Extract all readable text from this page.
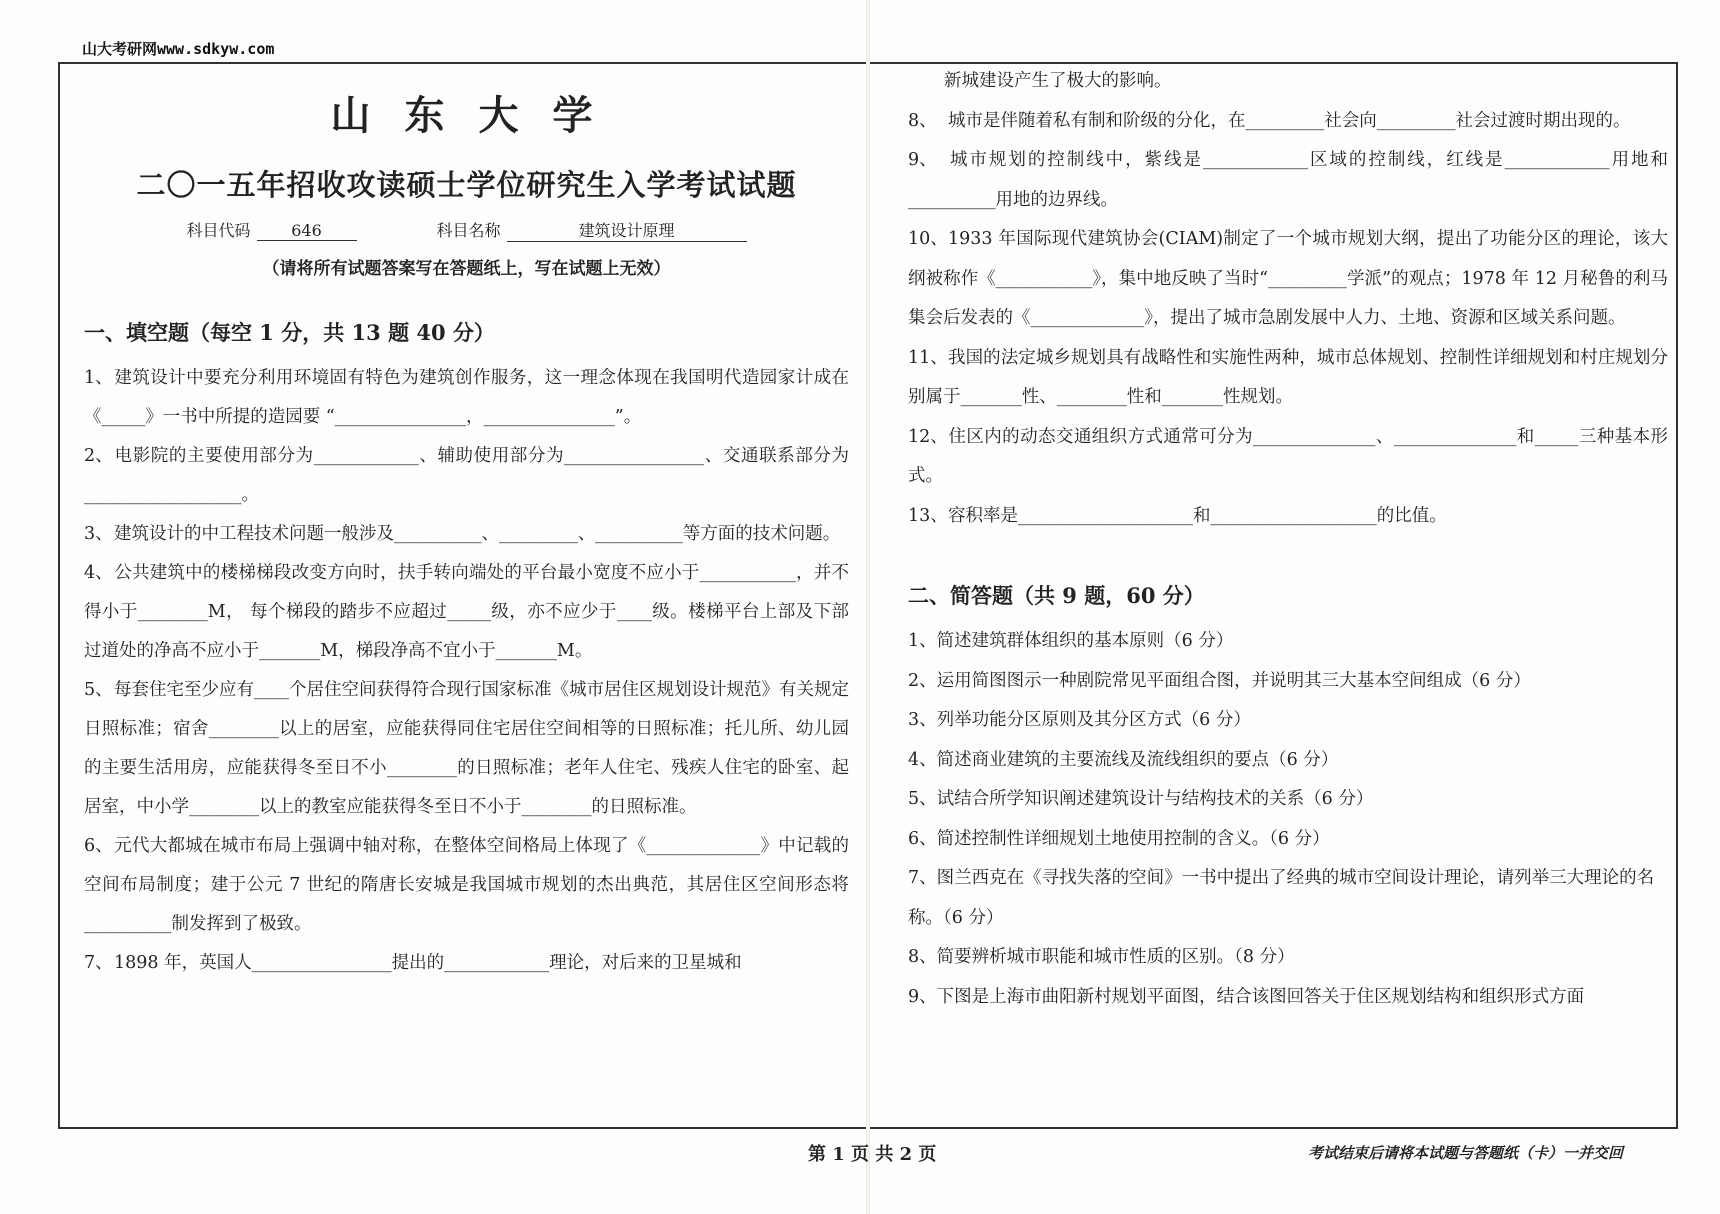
山大考研网www.sdkyw.com
山东大学
二〇一五年招收攻读硕士学位研究生入学考试试题
科目代码	646	科目名称	建筑设计原理
（请将所有试题答案写在答题纸上，写在试题上无效）
一、填空题（每空 1 分，共 13 题 40 分）
1、建筑设计中要充分利用环境固有特色为建筑创作服务，这一理念体现在我国明代造园家计成在《_____》一书中所提的造园要 “_______________，_______________”。
2、电影院的主要使用部分为____________、辅助使用部分为________________、交通联系部分为__________________。
3、建筑设计的中工程技术问题一般涉及__________、_________、__________等方面的技术问题。
4、公共建筑中的楼梯梯段改变方向时，扶手转向端处的平台最小宽度不应小于___________，并不得小于________M， 每个梯段的踏步不应超过_____级，亦不应少于____级。楼梯平台上部及下部过道处的净高不应小于_______M，梯段净高不宜小于_______M。
5、每套住宅至少应有____个居住空间获得符合现行国家标准《城市居住区规划设计规范》有关规定日照标准；宿舍________以上的居室，应能获得同住宅居住空间相等的日照标准；托儿所、幼儿园的主要生活用房，应能获得冬至日不小________的日照标准；老年人住宅、残疾人住宅的卧室、起居室，中小学________以上的教室应能获得冬至日不小于________的日照标准。
6、元代大都城在城市布局上强调中轴对称，在整体空间格局上体现了《_____________》中记载的空间布局制度；建于公元 7 世纪的隋唐长安城是我国城市规划的杰出典范，其居住区空间形态将__________制发挥到了极致。
7、1898 年，英国人________________提出的____________理论，对后来的卫星城和
新城建设产生了极大的影响。
8、 城市是伴随着私有制和阶级的分化，在_________社会向_________社会过渡时期出现的。
9、 城市规划的控制线中，紫线是____________区域的控制线，红线是____________用地和__________用地的边界线。
10、1933 年国际现代建筑协会(CIAM)制定了一个城市规划大纲，提出了功能分区的理论，该大纲被称作《___________》，集中地反映了当时“_________学派”的观点；1978 年 12 月秘鲁的利马集会后发表的《_____________》，提出了城市急剧发展中人力、土地、资源和区域关系问题。
11、我国的法定城乡规划具有战略性和实施性两种，城市总体规划、控制性详细规划和村庄规划分别属于_______性、________性和_______性规划。
12、住区内的动态交通组织方式通常可分为______________、______________和_____三种基本形式。
13、容积率是____________________和___________________的比值。
二、简答题（共 9 题，60 分）
1、简述建筑群体组织的基本原则（6 分）
2、运用简图图示一种剧院常见平面组合图，并说明其三大基本空间组成（6 分）
3、列举功能分区原则及其分区方式（6 分）
4、简述商业建筑的主要流线及流线组织的要点（6 分）
5、试结合所学知识阐述建筑设计与结构技术的关系（6 分）
6、简述控制性详细规划土地使用控制的含义。（6 分）
7、图兰西克在《寻找失落的空间》一书中提出了经典的城市空间设计理论，请列举三大理论的名称。（6 分）
8、简要辨析城市职能和城市性质的区别。（8 分）
9、下图是上海市曲阳新村规划平面图，结合该图回答关于住区规划结构和组织形式方面
第 1 页 共 2 页	考试结束后请将本试题与答题纸（卡）一并交回
